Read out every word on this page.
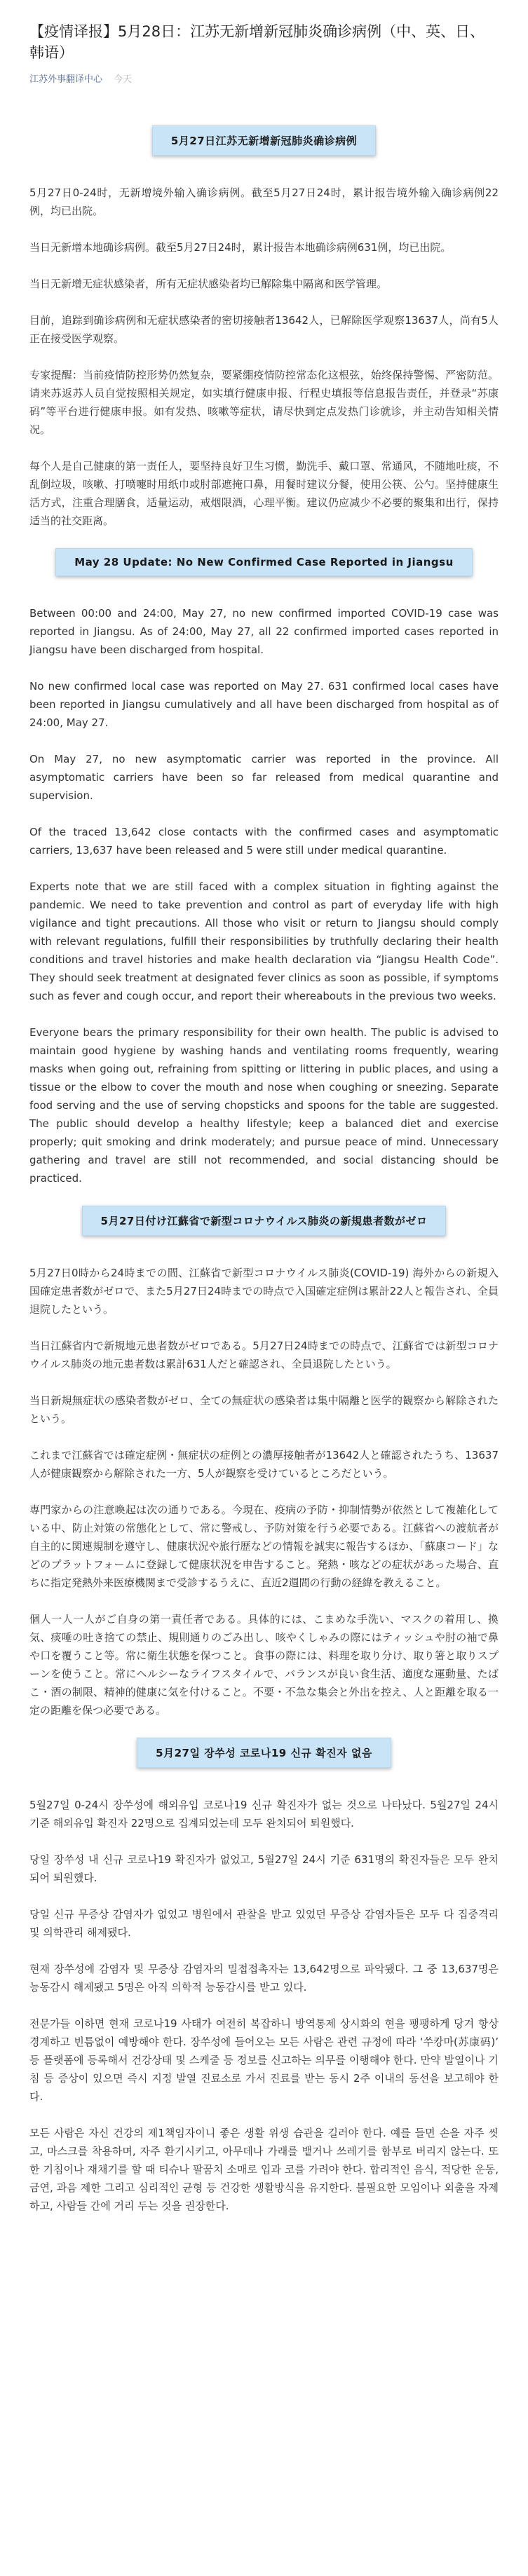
【疫情译报】5月28日：江苏无新增新冠肺炎确诊病例（中、英、日、韩语）
江苏外事翻译中心 今天
5月27日江苏无新增新冠肺炎确诊病例

5月27日0-24时，无新增境外输入确诊病例。截至5月27日24时，累计报告境外输入确诊病例22例，均已出院。

当日无新增本地确诊病例。截至5月27日24时，累计报告本地确诊病例631例，均已出院。

当日无新增无症状感染者，所有无症状感染者均已解除集中隔离和医学管理。

目前，追踪到确诊病例和无症状感染者的密切接触者13642人，已解除医学观察13637人，尚有5人正在接受医学观察。

专家提醒：当前疫情防控形势仍然复杂，要紧绷疫情防控常态化这根弦，始终保持警惕、严密防范。请来苏返苏人员自觉按照相关规定，如实填行健康申报、行程史填报等信息报告责任，并登录“苏康码”等平台进行健康申报。如有发热、咳嗽等症状，请尽快到定点发热门诊就诊，并主动告知相关情况。

每个人是自己健康的第一责任人，要坚持良好卫生习惯，勤洗手、戴口罩、常通风，不随地吐痰，不乱倒垃圾，咳嗽、打喷嚏时用纸巾或肘部遮掩口鼻，用餐时建议分餐，使用公筷、公勺。坚持健康生活方式，注重合理膳食，适量运动，戒烟限酒，心理平衡。建议仍应减少不必要的聚集和出行，保持适当的社交距离。

May 28 Update: No New Confirmed Case Reported in Jiangsu

Between 00:00 and 24:00, May 27, no new confirmed imported COVID-19 case was reported in Jiangsu. As of 24:00, May 27, all 22 confirmed imported cases reported in Jiangsu have been discharged from hospital.

No new confirmed local case was reported on May 27. 631 confirmed local cases have been reported in Jiangsu cumulatively and all have been discharged from hospital as of 24:00, May 27.

On May 27, no new asymptomatic carrier was reported in the province. All asymptomatic carriers have been so far released from medical quarantine and supervision.

Of the traced 13,642 close contacts with the confirmed cases and asymptomatic carriers, 13,637 have been released and 5 were still under medical quarantine.

Experts note that we are still faced with a complex situation in fighting against the pandemic. We need to take prevention and control as part of everyday life with high vigilance and tight precautions. All those who visit or return to Jiangsu should comply with relevant regulations, fulfill their responsibilities by truthfully declaring their health conditions and travel histories and make health declaration via “Jiangsu Health Code”. They should seek treatment at designated fever clinics as soon as possible, if symptoms such as fever and cough occur, and report their whereabouts in the previous two weeks.

Everyone bears the primary responsibility for their own health. The public is advised to maintain good hygiene by washing hands and ventilating rooms frequently, wearing masks when going out, refraining from spitting or littering in public places, and using a tissue or the elbow to cover the mouth and nose when coughing or sneezing. Separate food serving and the use of serving chopsticks and spoons for the table are suggested. The public should develop a healthy lifestyle; keep a balanced diet and exercise properly; quit smoking and drink moderately; and pursue peace of mind. Unnecessary gathering and travel are still not recommended, and social distancing should be practiced.

5月27日付け江蘇省で新型コロナウイルス肺炎の新規患者数がゼロ

5月27日0時から24時までの間、江蘇省で新型コロナウイルス肺炎(COVID-19) 海外からの新規入国確定患者数がゼロで、また5月27日24時までの時点で入国確定症例は累計22人と報告され、全員退院したという。

当日江蘇省内で新規地元患者数がゼロである。5月27日24時までの時点で、江蘇省では新型コロナウイルス肺炎の地元患者数は累計631人だと確認され、全員退院したという。

当日新規無症状の感染者数がゼロ、全ての無症状の感染者は集中隔離と医学的観察から解除されたという。

これまで江蘇省では確定症例・無症状の症例との濃厚接触者が13642人と確認されたうち、13637人が健康観察から解除された一方、5人が観察を受けているところだという。

専門家からの注意喚起は次の通りである。今現在、疫病の予防・抑制情勢が依然として複雑化している中、防止対策の常態化として、常に警戒し、予防対策を行う必要である。江蘇省への渡航者が自主的に関連規制を遵守し、健康状況や旅行歴などの情報を誠実に報告するほか、「蘇康コード」などのプラットフォームに登録して健康状況を申告すること。発熱・咳などの症状があった場合、直ちに指定発熱外来医療機関まで受診するうえに、直近2週間の行動の経緯を教えること。

個人一人一人がご自身の第一責任者である。具体的には、こまめな手洗い、マスクの着用し、換気、痰唾の吐き捨ての禁止、規則通りのごみ出し、咳やくしゃみの際にはティッシュや肘の袖で鼻や口を覆うこと等。常に衛生状態を保つこと。食事の際には、料理を取り分け、取り箸と取りスプーンを使うこと。常にヘルシーなライフスタイルで、バランスが良い食生活、適度な運動量、たばこ・酒の制限、精神的健康に気を付けること。不要・不急な集会と外出を控え、人と距離を取る一定の距離を保つ必要である。

5月27일 장쑤성 코로나19 신규 확진자 없음

5월27일 0-24시 장쑤성에 해외유입 코로나19 신규 확진자가 없는 것으로 나타났다. 5월27일 24시 기준 해외유입 확진자 22명으로 집계되었는데 모두 완치되어 퇴원했다.

당일 장쑤성 내 신규 코로나19 확진자가 없었고, 5월27일 24시 기준 631명의 확진자들은 모두 완치되어 퇴원했다.

당일 신규 무증상 감염자가 없었고 병원에서 관찰을 받고 있었던 무증상 감염자들은 모두 다 집중격리 및 의학관리 해제됐다.

현재 장쑤성에 감염자 및 무증상 감염자의 밀접접촉자는 13,642명으로 파악됐다. 그 중 13,637명은 능동감시 해제됐고 5명은 아직 의학적 능동감시를 받고 있다.

전문가들 이하면 현재 코로나19 사태가 여전히 복잡하니 방역통제 상시화의 현을 팽팽하게 당겨 항상 경계하고 빈틈없이 예방해야 한다. 장쑤성에 들어오는 모든 사람은 관련 규정에 따라 ‘쑤캉마(苏康码)’ 등 플랫폼에 등록해서 건강상태 및 스케줄 등 정보를 신고하는 의무를 이행해야 한다. 만약 발열이나 기침 등 증상이 있으면 즉시 지정 발열 진료소로 가서 진료를 받는 동시 2주 이내의 동선을 보고해야 한다.

모든 사람은 자신 건강의 제1책임자이니 좋은 생활 위생 습관을 길러야 한다. 예를 들면 손을 자주 씻고, 마스크를 착용하며, 자주 환기시키고, 아무데나 가래를 뱉거나 쓰레기를 함부로 버리지 않는다. 또한 기침이나 재채기를 할 때 티슈나 팔꿈치 소매로 입과 코를 가려야 한다. 합리적인 음식, 적당한 운동, 금연, 과음 제한 그리고 심리적인 균형 등 건강한 생활방식을 유지한다. 불필요한 모임이나 외출을 자제하고, 사람들 간에 거리 두는 것을 권장한다.
